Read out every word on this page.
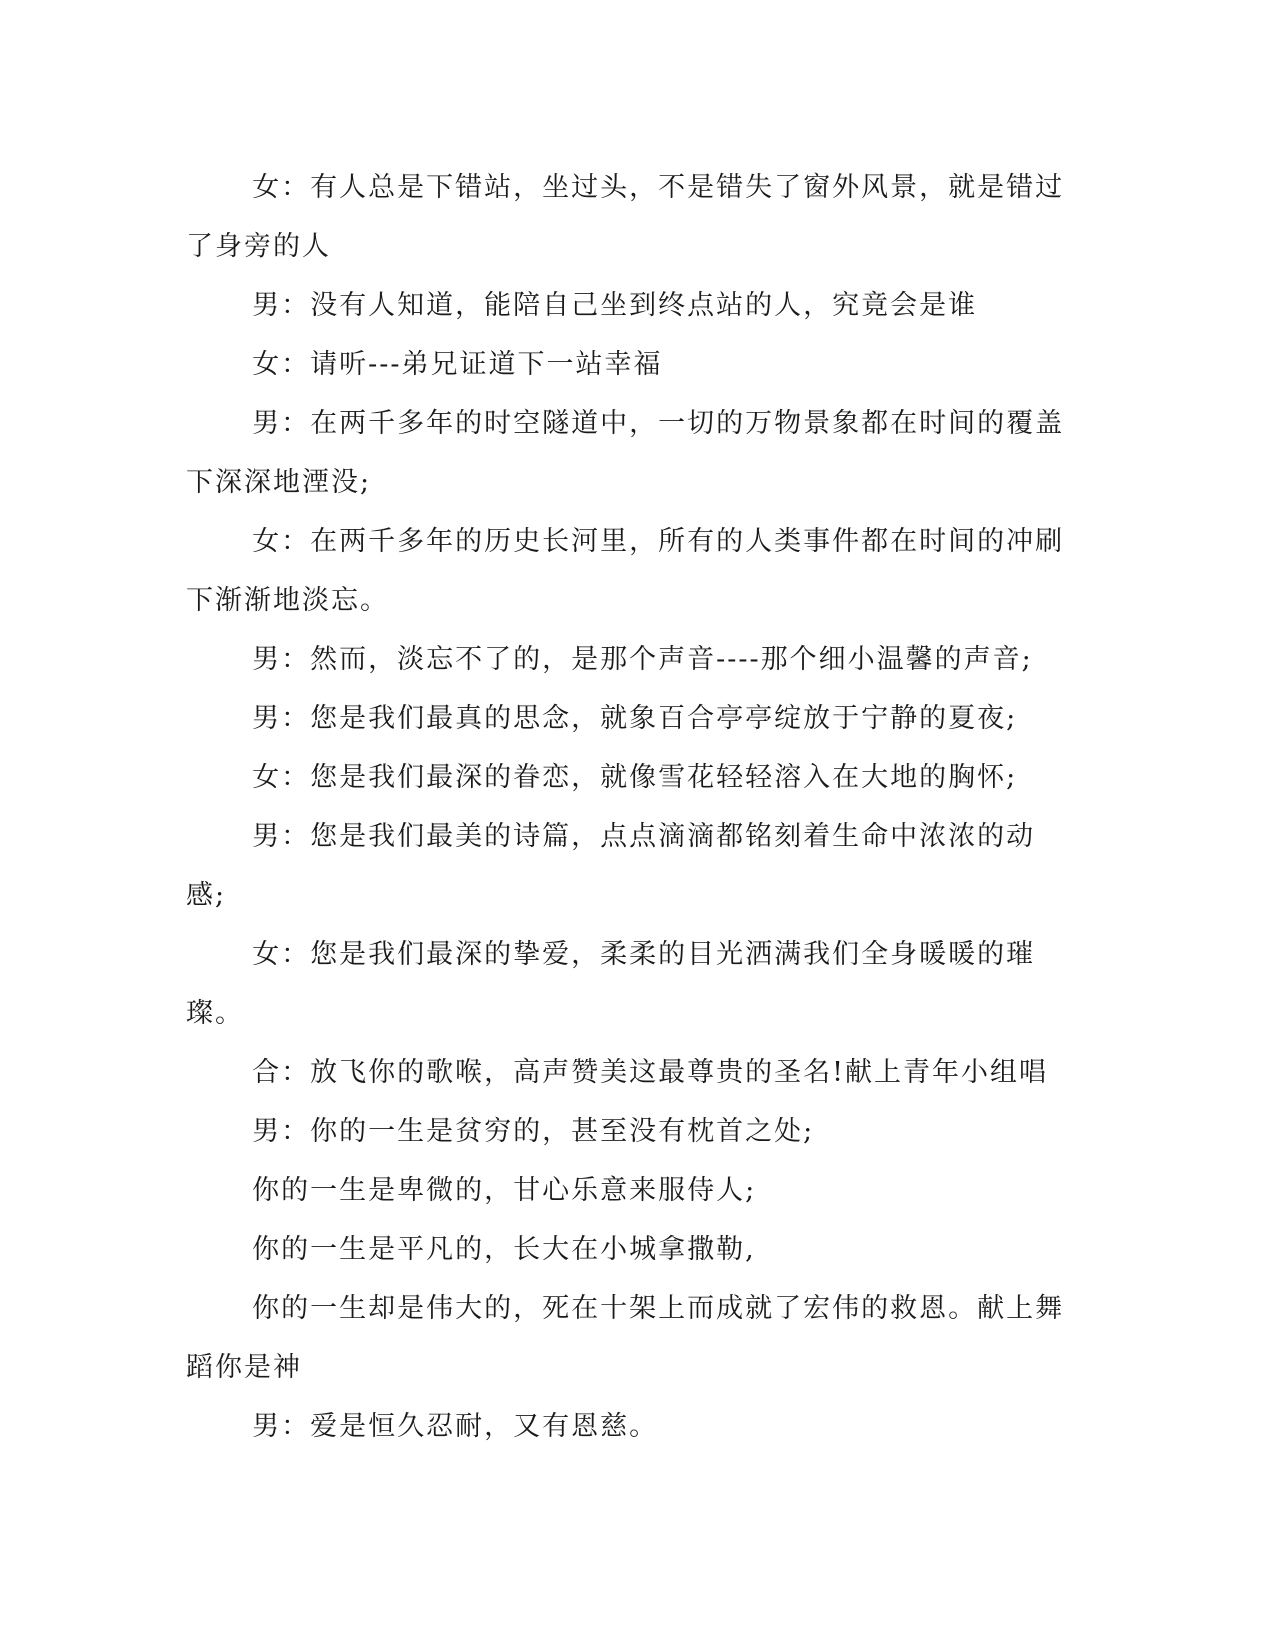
女：有人总是下错站，坐过头，不是错失了窗外风景，就是错过了身旁的人

男：没有人知道，能陪自己坐到终点站的人，究竟会是谁

女：请听---弟兄证道下一站幸福

男：在两千多年的时空隧道中，一切的万物景象都在时间的覆盖下深深地湮没;

女：在两千多年的历史长河里，所有的人类事件都在时间的冲刷下渐渐地淡忘。

男：然而，淡忘不了的，是那个声音----那个细小温馨的声音;

男：您是我们最真的思念，就象百合亭亭绽放于宁静的夏夜;

女：您是我们最深的眷恋，就像雪花轻轻溶入在大地的胸怀;

男：您是我们最美的诗篇，点点滴滴都铭刻着生命中浓浓的动感;

女：您是我们最深的挚爱，柔柔的目光洒满我们全身暖暖的璀璨。

合：放飞你的歌喉，高声赞美这最尊贵的圣名!献上青年小组唱

男：你的一生是贫穷的，甚至没有枕首之处;

你的一生是卑微的，甘心乐意来服侍人;

你的一生是平凡的，长大在小城拿撒勒,

你的一生却是伟大的，死在十架上而成就了宏伟的救恩。献上舞蹈你是神

男：爱是恒久忍耐，又有恩慈。
